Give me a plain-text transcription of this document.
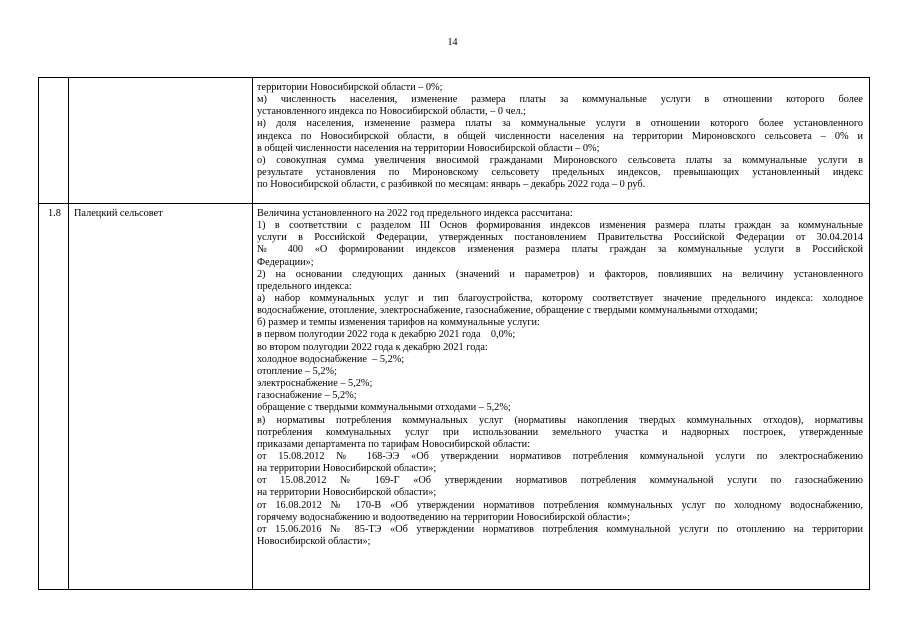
14
территории Новосибирской области – 0%;
м) численность населения, изменение размера платы за коммунальные услуги в отношении которого более
установленного индекса по Новосибирской области, – 0 чел.;
н) доля населения, изменение размера платы за коммунальные услуги в отношении которого более установленного
индекса по Новосибирской области, в общей численности населения на территории Мироновского сельсовета – 0% и
в общей численности населения на территории Новосибирской области – 0%;
о) совокупная сумма увеличения вносимой гражданами Мироновского сельсовета платы за коммунальные услуги в
результате установления по Мироновскому сельсовету предельных индексов, превышающих установленный индекс
по Новосибирской области, с разбивкой по месяцам: январь – декабрь 2022 года – 0 руб.
1.8	Палецкий сельсовет	Величина установленного на 2022 год предельного индекса рассчитана:
1) в соответствии с разделом III Основ формирования индексов изменения размера платы граждан за коммунальные
услуги в Российской Федерации, утвержденных постановлением Правительства Российской Федерации от 30.04.2014
№ 400 «О формировании индексов изменения размера платы граждан за коммунальные услуги в Российской
Федерации»;
2) на основании следующих данных (значений и параметров) и факторов, повлиявших на величину установленного
предельного индекса:
а) набор коммунальных услуг и тип благоустройства, которому соответствует значение предельного индекса: холодное
водоснабжение, отопление, электроснабжение, газоснабжение, обращение с твердыми коммунальными отходами;
б) размер и темпы изменения тарифов на коммунальные услуги:
в первом полугодии 2022 года к декабрю 2021 года    0,0%;
во втором полугодии 2022 года к декабрю 2021 года:
холодное водоснабжение  – 5,2%;
отопление – 5,2%;
электроснабжение – 5,2%;
газоснабжение – 5,2%;
обращение с твердыми коммунальными отходами – 5,2%;
в) нормативы потребления коммунальных услуг (нормативы накопления твердых коммунальных отходов), нормативы
потребления коммунальных услуг при использовании земельного участка и надворных построек, утвержденные
приказами департамента по тарифам Новосибирской области:
от 15.08.2012 № 168-ЭЭ «Об утверждении нормативов потребления коммунальной услуги по электроснабжению
на территории Новосибирской области»;
от 15.08.2012 № 169-Г «Об утверждении нормативов потребления коммунальной услуги по газоснабжению
на территории Новосибирской области»;
от 16.08.2012 № 170-В «Об утверждении нормативов потребления коммунальных услуг по холодному водоснабжению,
горячему водоснабжению и водоотведению на территории Новосибирской области»;
от 15.06.2016 № 85-ТЭ «Об утверждении нормативов потребления коммунальной услуги по отоплению на территории
Новосибирской области»;
